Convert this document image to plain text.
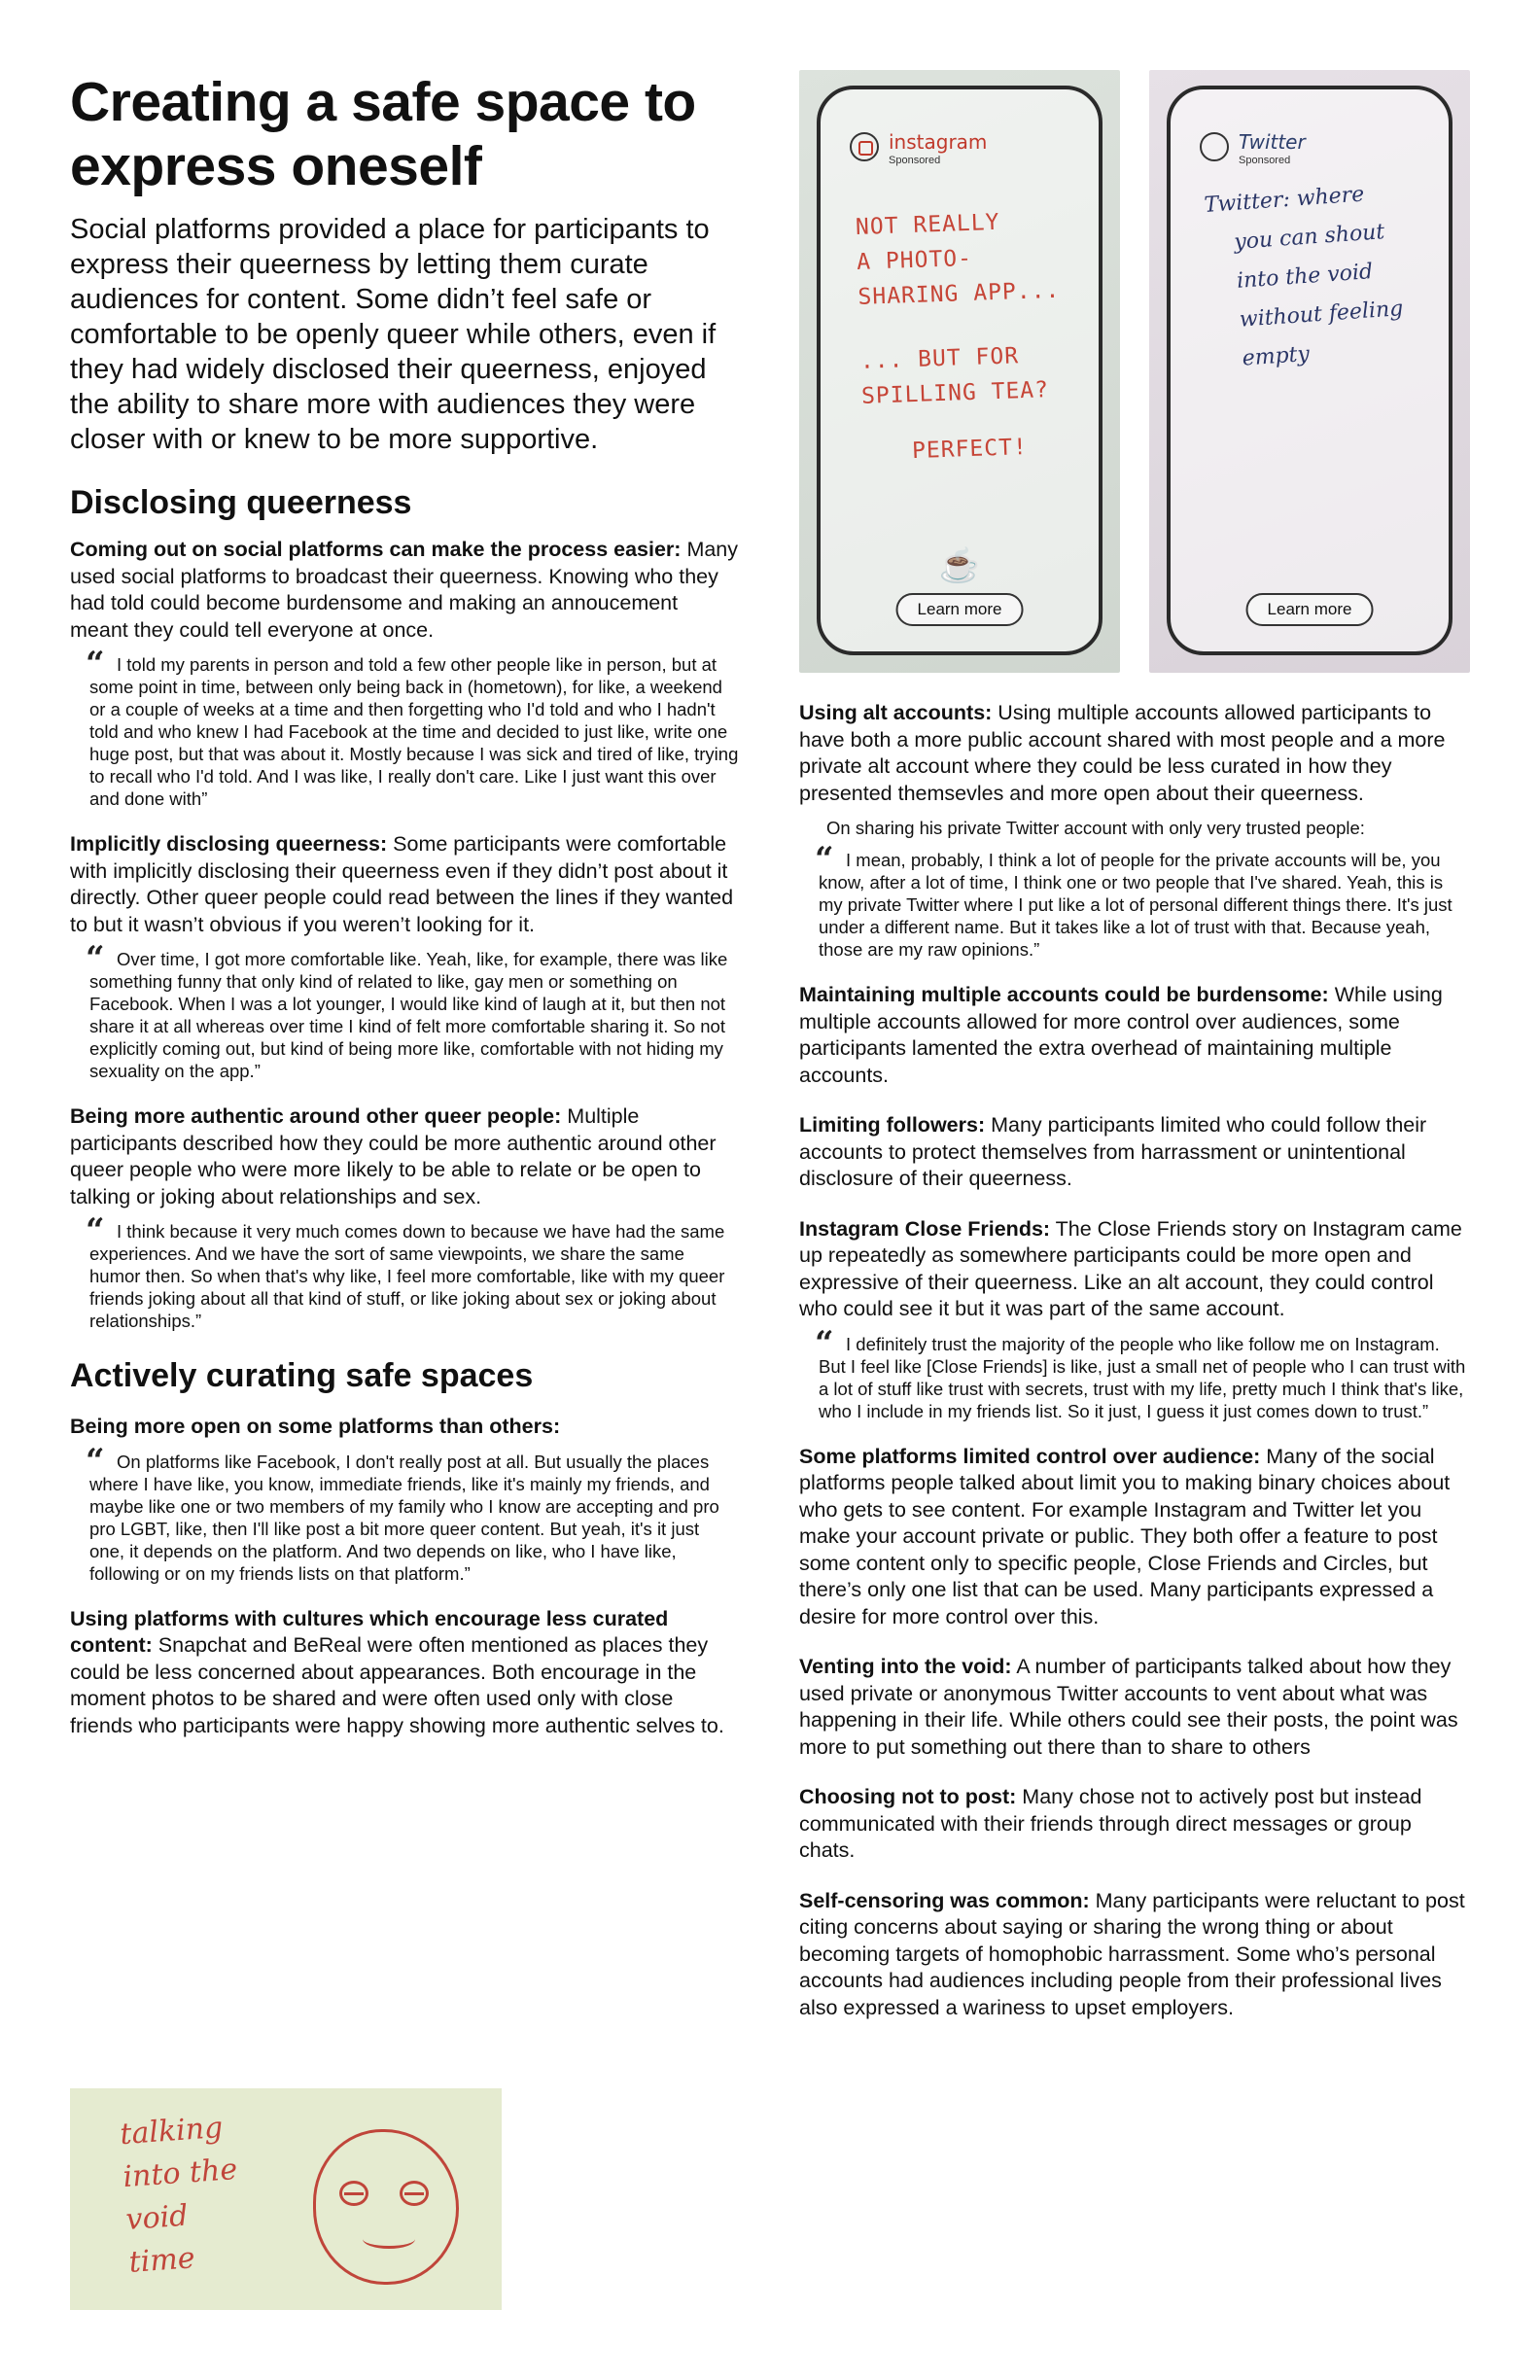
Creating a safe space to express oneself

Social platforms provided a place for participants to express their queerness by letting them curate audiences for content. Some didn’t feel safe or comfortable to be openly queer while others, even if they had widely disclosed their queerness, enjoyed the ability to share more with audiences they were closer with or knew to be more supportive.

Disclosing queerness

Coming out on social platforms can make the process easier: Many used social platforms to broadcast their queerness. Knowing who they had told could become burdensome and making an annoucement meant they could tell everyone at once.

“ I told my parents in person and told a few other people like in person, but at some point in time, between only being back in (hometown), for like, a weekend or a couple of weeks at a time and then forgetting who I'd told and who I hadn't told and who knew I had Facebook at the time and decided to just like, write one huge post, but that was about it. Mostly because I was sick and tired of like, trying to recall who I'd told. And I was like, I really don't care. Like I just want this over and done with”

Implicitly disclosing queerness: Some participants were comfortable with implicitly disclosing their queerness even if they didn’t post about it directly. Other queer people could read between the lines if they wanted to but it wasn’t obvious if you weren’t looking for it.

“ Over time, I got more comfortable like. Yeah, like, for example, there was like something funny that only kind of related to like, gay men or something on Facebook. When I was a lot younger, I would like kind of laugh at it, but then not share it at all whereas over time I kind of felt more comfortable sharing it. So not explicitly coming out, but kind of being more like, comfortable with not hiding my sexuality on the app.”

Being more authentic around other queer people: Multiple participants described how they could be more authentic around other queer people who were more likely to be able to relate or be open to talking or joking about relationships and sex.

“ I think because it very much comes down to because we have had the same experiences. And we have the sort of same viewpoints, we share the same humor then. So when that's why like, I feel more comfortable, like with my queer friends joking about all that kind of stuff, or like joking about sex or joking about relationships.”

Actively curating safe spaces

Being more open on some platforms than others:

“ On platforms like Facebook, I don't really post at all. But usually the places where I have like, you know, immediate friends, like it's mainly my friends, and maybe like one or two members of my family who I know are accepting and pro pro LGBT, like, then I'll like post a bit more queer content. But yeah, it's it just one, it depends on the platform. And two depends on like, who I have like, following or on my friends lists on that platform.”

Using platforms with cultures which encourage less curated content: Snapchat and BeReal were often mentioned as places they could be less concerned about appearances. Both encourage in the moment photos to be shared and were often used only with close friends who participants were happy showing more authentic selves to.

talking
into the
void
time
instagram
Sponsored
NOT REALLY
A PHOTO-
SHARING APP...
... BUT FOR
SPILLING TEA?
PERFECT!
☕
Learn more
Twitter
Sponsored
Twitter: where
you can shout
into the void
without feeling
empty
Learn more

Using alt accounts: Using multiple accounts allowed participants to have both a more public account shared with most people and a more private alt account where they could be less curated in how they presented themsevles and more open about their queerness.

On sharing his private Twitter account with only very trusted people:

“ I mean, probably, I think a lot of people for the private accounts will be, you know, after a lot of time, I think one or two people that I've shared. Yeah, this is my private Twitter where I put like a lot of personal different things there. It's just under a different name. But it takes like a lot of trust with that. Because yeah, those are my raw opinions.”

Maintaining multiple accounts could be burdensome: While using multiple accounts allowed for more control over audiences, some participants lamented the extra overhead of maintaining multiple accounts.

Limiting followers: Many participants limited who could follow their accounts to protect themselves from harrassment or unintentional disclosure of their queerness.

Instagram Close Friends: The Close Friends story on Instagram came up repeatedly as somewhere participants could be more open and expressive of their queerness. Like an alt account, they could control who could see it but it was part of the same account.

“ I definitely trust the majority of the people who like follow me on Instagram. But I feel like [Close Friends] is like, just a small net of people who I can trust with a lot of stuff like trust with secrets, trust with my life, pretty much I think that's like, who I include in my friends list. So it just, I guess it just comes down to trust.”

Some platforms limited control over audience: Many of the social platforms people talked about limit you to making binary choices about who gets to see content. For example Instagram and Twitter let you make your account private or public. They both offer a feature to post some content only to specific people, Close Friends and Circles, but there’s only one list that can be used. Many participants expressed a desire for more control over this.

Venting into the void: A number of participants talked about how they used private or anonymous Twitter accounts to vent about what was happening in their life. While others could see their posts, the point was more to put something out there than to share to others

Choosing not to post: Many chose not to actively post but instead communicated with their friends through direct messages or group chats.

Self-censoring was common: Many participants were reluctant to post citing concerns about saying or sharing the wrong thing or about becoming targets of homophobic harrassment. Some who’s personal accounts had audiences including people from their professional lives also expressed a wariness to upset employers.
